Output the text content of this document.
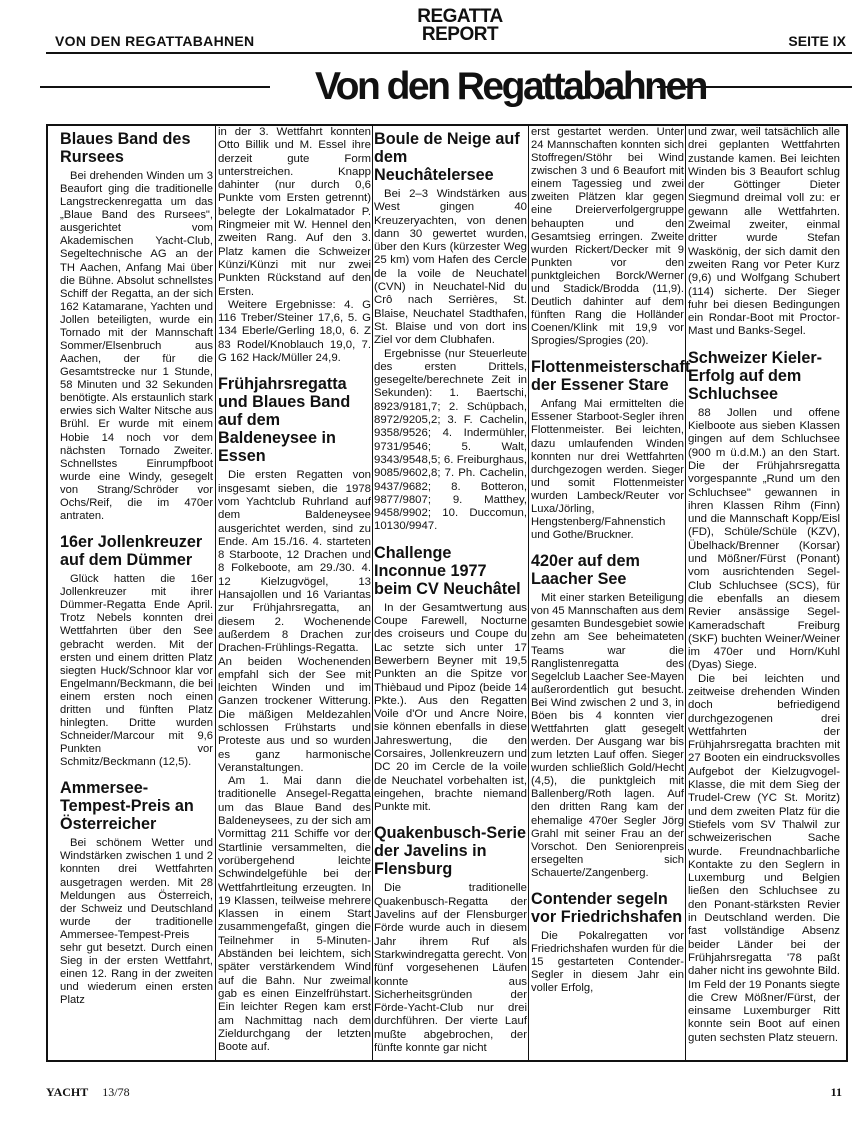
VON DEN REGATTABAHNEN
REGATTA
REPORT	SEITE IX
Von den Regattabahnen
Blaues Band des Rursees

Bei drehenden Winden um 3 Beaufort ging die traditionelle Langstreckenregatta um das „Blaue Band des Rursees", ausgerichtet vom Akademischen Yacht-Club, Segeltechnische AG an der TH Aachen, Anfang Mai über die Bühne. Absolut schnellstes Schiff der Regatta, an der sich 162 Katamarane, Yachten und Jollen beteiligten, wurde ein Tornado mit der Mannschaft Sommer/Elsenbruch aus Aachen, der für die Gesamtstrecke nur 1 Stunde, 58 Minuten und 32 Sekunden benötigte. Als erstaunlich stark erwies sich Walter Nitsche aus Brühl. Er wurde mit einem Hobie 14 noch vor dem nächsten Tornado Zweiter. Schnellstes Einrumpfboot wurde eine Windy, gesegelt von Strang/Schröder vor Ochs/Reif, die im 470er antraten.

16er Jollenkreuzer auf dem Dümmer

Glück hatten die 16er Jollenkreuzer mit ihrer Dümmer-Regatta Ende April. Trotz Nebels konnten drei Wettfahrten über den See gebracht werden. Mit der ersten und einem dritten Platz siegten Huck/Schnoor klar vor Engelmann/Beckmann, die bei einem ersten noch einen dritten und fünften Platz hinlegten. Dritte wurden Schneider/Marcour mit 9,6 Punkten vor Schmitz/Beckmann (12,5).

Ammersee-Tempest-Preis an Österreicher

Bei schönem Wetter und Windstärken zwischen 1 und 2 konnten drei Wettfahrten ausgetragen werden. Mit 28 Meldungen aus Österreich, der Schweiz und Deutschland wurde der traditionelle Ammersee-Tempest-Preis sehr gut besetzt. Durch einen Sieg in der ersten Wettfahrt, einen 12. Rang in der zweiten und wiederum einen ersten Platz

in der 3. Wettfahrt konnten Otto Billik und M. Essel ihre derzeit gute Form unterstreichen. Knapp dahinter (nur durch 0,6 Punkte vom Ersten getrennt) belegte der Lokalmatador P. Ringmeier mit W. Hennel den zweiten Rang. Auf den 3. Platz kamen die Schweizer Künzi/Künzi mit nur zwei Punkten Rückstand auf den Ersten.

Weitere Ergebnisse: 4. G 116 Treber/Steiner 17,6, 5. G 134 Eberle/Gerling 18,0, 6. Z 83 Rodel/Knoblauch 19,0, 7. G 162 Hack/Müller 24,9.

Frühjahrsregatta und Blaues Band auf dem Baldeneysee in Essen

Die ersten Regatten von insgesamt sieben, die 1978 vom Yachtclub Ruhrland auf dem Baldeneysee ausgerichtet werden, sind zu Ende. Am 15./16. 4. starteten 8 Starboote, 12 Drachen und 8 Folkeboote, am 29./30. 4. 12 Kielzugvögel, 13 Hansajollen und 16 Variantas zur Frühjahrsregatta, an diesem 2. Wochenende außerdem 8 Drachen zur Drachen-Frühlings-Regatta. An beiden Wochenenden empfahl sich der See mit leichten Winden und im Ganzen trockener Witterung. Die mäßigen Meldezahlen schlossen Frühstarts und Proteste aus und so wurden es ganz harmonische Veranstaltungen.

Am 1. Mai dann die traditionelle Ansegel-Regatta um das Blaue Band des Baldeneysees, zu der sich am Vormittag 211 Schiffe vor der Startlinie versammelten, die vorübergehend leichte Schwindelgefühle bei der Wettfahrtleitung erzeugten. In 19 Klassen, teilweise mehrere Klassen in einem Start zusammengefaßt, gingen die Teilnehmer in 5-Minuten-Abständen bei leichtem, sich später verstärkendem Wind auf die Bahn. Nur zweimal gab es einen Einzelfrühstart. Ein leichter Regen kam erst am Nachmittag nach dem Zieldurchgang der letzten Boote auf.

Boule de Neige auf dem Neuchâtelersee

Bei 2–3 Windstärken aus West gingen 40 Kreuzeryachten, von denen dann 30 gewertet wurden, über den Kurs (kürzester Weg 25 km) vom Hafen des Cercle de la voile de Neuchatel (CVN) in Neuchatel-Nid du Crô nach Serrières, St. Blaise, Neuchatel Stadthafen, St. Blaise und von dort ins Ziel vor dem Clubhafen.

Ergebnisse (nur Steuerleute des ersten Drittels, gesegelte/berechnete Zeit in Sekunden): 1. Baertschi, 8923/9181,7; 2. Schüpbach, 8972/9205,2; 3. F. Cachelin, 9358/9526; 4. Indermühler, 9731/9546; 5. Walt, 9343/9548,5; 6. Freiburghaus, 9085/9602,8; 7. Ph. Cachelin, 9437/9682; 8. Botteron, 9877/9807; 9. Matthey, 9458/9902; 10. Duccomun, 10130/9947.

Challenge Inconnue 1977 beim CV Neuchâtel

In der Gesamtwertung aus Coupe Farewell, Nocturne des croiseurs und Coupe du Lac setzte sich unter 17 Bewerbern Beyner mit 19,5 Punkten an die Spitze vor Thièbaud und Pipoz (beide 14 Pkte.). Aus den Regatten Voile d'Or und Ancre Noire, sie können ebenfalls in diese Jahreswertung, die den Corsaires, Jollenkreuzern und DC 20 im Cercle de la voile de Neuchatel vorbehalten ist, eingehen, brachte niemand Punkte mit.

Quakenbusch-Serie der Javelins in Flensburg

Die traditionelle Quakenbusch-Regatta der Javelins auf der Flensburger Förde wurde auch in diesem Jahr ihrem Ruf als Starkwindregatta gerecht. Von fünf vorgesehenen Läufen konnte aus Sicherheitsgründen der Förde-Yacht-Club nur drei durchführen. Der vierte Lauf mußte abgebrochen, der fünfte konnte gar nicht

erst gestartet werden. Unter 24 Mannschaften konnten sich Stoffregen/Stöhr bei Wind zwischen 3 und 6 Beaufort mit einem Tagessieg und zwei zweiten Plätzen klar gegen eine Dreierverfolgergruppe behaupten und den Gesamtsieg erringen. Zweite wurden Rickert/Decker mit 9 Punkten vor den punktgleichen Borck/Werner und Stadick/Brodda (11,9). Deutlich dahinter auf dem fünften Rang die Holländer Coenen/Klink mit 19,9 vor Sprogies/Sprogies (20).

Flottenmeisterschaft der Essener Stare

Anfang Mai ermittelten die Essener Starboot-Segler ihren Flottenmeister. Bei leichten, dazu umlaufenden Winden konnten nur drei Wettfahrten durchgezogen werden. Sieger und somit Flottenmeister wurden Lambeck/Reuter vor Luxa/Jörling, Hengstenberg/Fahnenstich und Gothe/Bruckner.

420er auf dem Laacher See

Mit einer starken Beteiligung von 45 Mannschaften aus dem gesamten Bundesgebiet sowie zehn am See beheimateten Teams war die Ranglistenregatta des Segelclub Laacher See-Mayen außerordentlich gut besucht. Bei Wind zwischen 2 und 3, in Böen bis 4 konnten vier Wettfahrten glatt gesegelt werden. Der Ausgang war bis zum letzten Lauf offen. Sieger wurden schließlich Gold/Hecht (4,5), die punktgleich mit Ballenberg/Roth lagen. Auf den dritten Rang kam der ehemalige 470er Segler Jörg Grahl mit seiner Frau an der Vorschot. Den Seniorenpreis ersegelten sich Schauerte/Zangenberg.

Contender segeln vor Friedrichshafen

Die Pokalregatten vor Friedrichshafen wurden für die 15 gestarteten Contender-Segler in diesem Jahr ein voller Erfolg,

und zwar, weil tatsächlich alle drei geplanten Wettfahrten zustande kamen. Bei leichten Winden bis 3 Beaufort schlug der Göttinger Dieter Siegmund dreimal voll zu: er gewann alle Wettfahrten. Zweimal zweiter, einmal dritter wurde Stefan Waskönig, der sich damit den zweiten Rang vor Peter Kurz (9,6) und Wolfgang Schubert (114) sicherte. Der Sieger fuhr bei diesen Bedingungen ein Rondar-Boot mit Proctor-Mast und Banks-Segel.

Schweizer Kieler-Erfolg auf dem Schluchsee

88 Jollen und offene Kielboote aus sieben Klassen gingen auf dem Schluchsee (900 m ü.d.M.) an den Start. Die der Frühjahrsregatta vorgespannte „Rund um den Schluchsee" gewannen in ihren Klassen Rihm (Finn) und die Mannschaft Kopp/Eisl (FD), Schüle/Schüle (KZV), Übelhack/Brenner (Korsar) und Mößner/Fürst (Ponant) vom ausrichtenden Segel-Club Schluchsee (SCS), für die ebenfalls an diesem Revier ansässige Segel-Kameradschaft Freiburg (SKF) buchten Weiner/Weiner im 470er und Horn/Kuhl (Dyas) Siege.

Die bei leichten und zeitweise drehenden Winden doch befriedigend durchgezogenen drei Wettfahrten der Frühjahrsregatta brachten mit 27 Booten ein eindrucksvolles Aufgebot der Kielzugvogel-Klasse, die mit dem Sieg der Trudel-Crew (YC St. Moritz) und dem zweiten Platz für die Stiefels vom SV Thalwil zur schweizerischen Sache wurde. Freundnachbarliche Kontakte zu den Seglern in Luxemburg und Belgien ließen den Schluchsee zu den Ponant-stärksten Revier in Deutschland werden. Die fast vollständige Absenz beider Länder bei der Frühjahrsregatta '78 paßt daher nicht ins gewohnte Bild. Im Feld der 19 Ponants siegte die Crew Mößner/Fürst, der einsame Luxemburger Ritt konnte sein Boot auf einen guten sechsten Platz steuern.

YACHT 13/78	11
